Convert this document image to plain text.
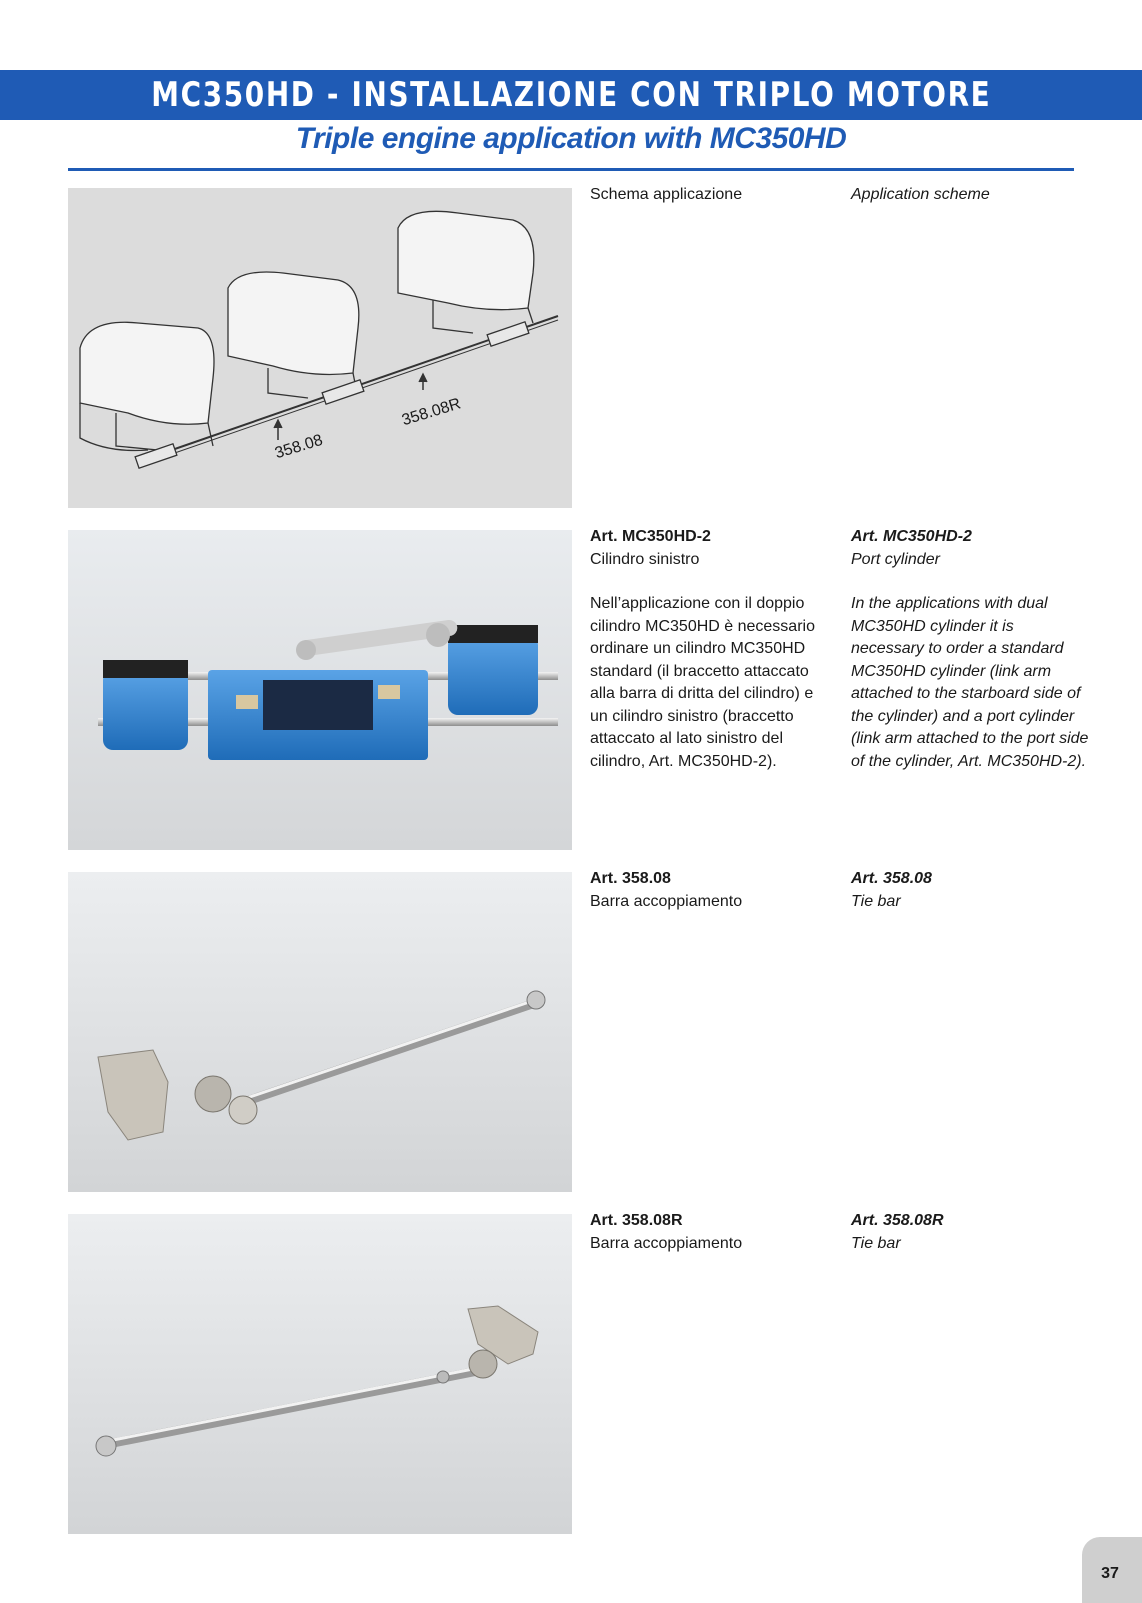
MC350HD - INSTALLAZIONE CON TRIPLO MOTORE
Triple engine application with MC350HD
358.08
358.08R
Schema applicazione	Application scheme
Art. MC350HD-2
Cilindro sinistro
Nell’applicazione con il doppio cilindro MC350HD è necessario ordinare un cilindro MC350HD standard (il braccetto attaccato alla barra di dritta del cilindro) e un cilindro sinistro (braccetto attaccato al lato sinistro del cilindro, Art. MC350HD-2).
Art. MC350HD-2
Port cylinder
In the applications with dual MC350HD cylinder it is necessary to order a standard MC350HD cylinder (link arm attached to the starboard side of the cylinder) and a port cylinder (link arm attached to the port side of the cylinder, Art. MC350HD-2).
Art. 358.08
Barra accoppiamento
Art. 358.08
Tie bar
Art. 358.08R
Barra accoppiamento
Art. 358.08R
Tie bar
37
